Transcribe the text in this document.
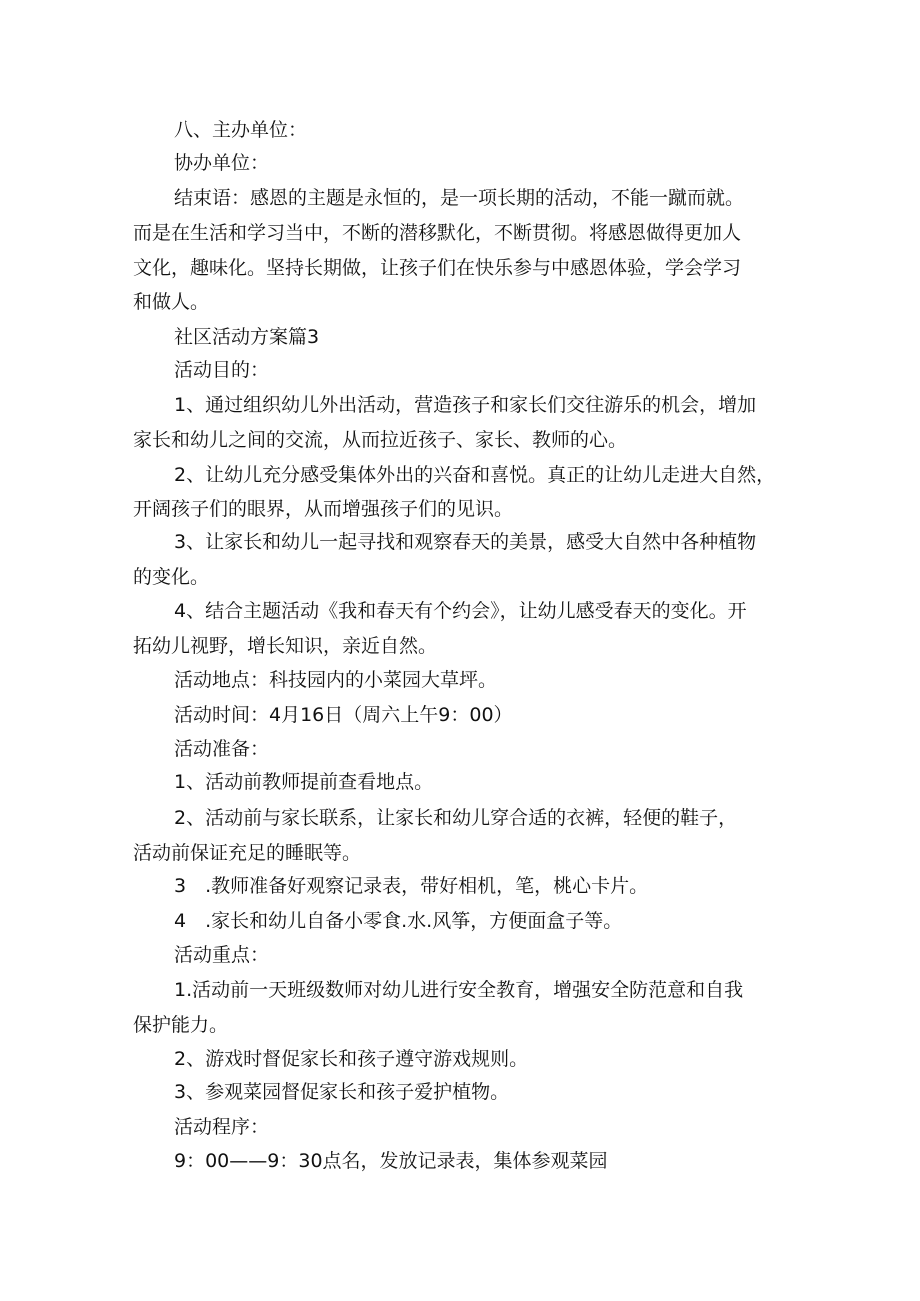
八、主办单位：
协办单位：
结束语：感恩的主题是永恒的，是一项长期的活动，不能一蹴而就。
而是在生活和学习当中，不断的潜移默化，不断贯彻。将感恩做得更加人
文化，趣味化。坚持长期做，让孩子们在快乐参与中感恩体验，学会学习
和做人。
社区活动方案篇3
活动目的：
1、通过组织幼儿外出活动，营造孩子和家长们交往游乐的机会，增加
家长和幼儿之间的交流，从而拉近孩子、家长、教师的心。
2、让幼儿充分感受集体外出的兴奋和喜悦。真正的让幼儿走进大自然，
开阔孩子们的眼界，从而增强孩子们的见识。
3、让家长和幼儿一起寻找和观察春天的美景，感受大自然中各种植物
的变化。
4、结合主题活动《我和春天有个约会》，让幼儿感受春天的变化。开
拓幼儿视野，增长知识，亲近自然。
活动地点：科技园内的小菜园大草坪。
活动时间：4月16日（周六上午9：00）
活动准备：
1、活动前教师提前查看地点。
2、活动前与家长联系，让家长和幼儿穿合适的衣裤，轻便的鞋子，
活动前保证充足的睡眠等。
3　.教师准备好观察记录表，带好相机，笔，桃心卡片。
4　.家长和幼儿自备小零食.水.风筝，方便面盒子等。
活动重点：
1.活动前一天班级数师对幼儿进行安全教育，增强安全防范意和自我
保护能力。
2、游戏时督促家长和孩子遵守游戏规则。
3、参观菜园督促家长和孩子爱护植物。
活动程序：
9：00——9：30点名，发放记录表，集体参观菜园
